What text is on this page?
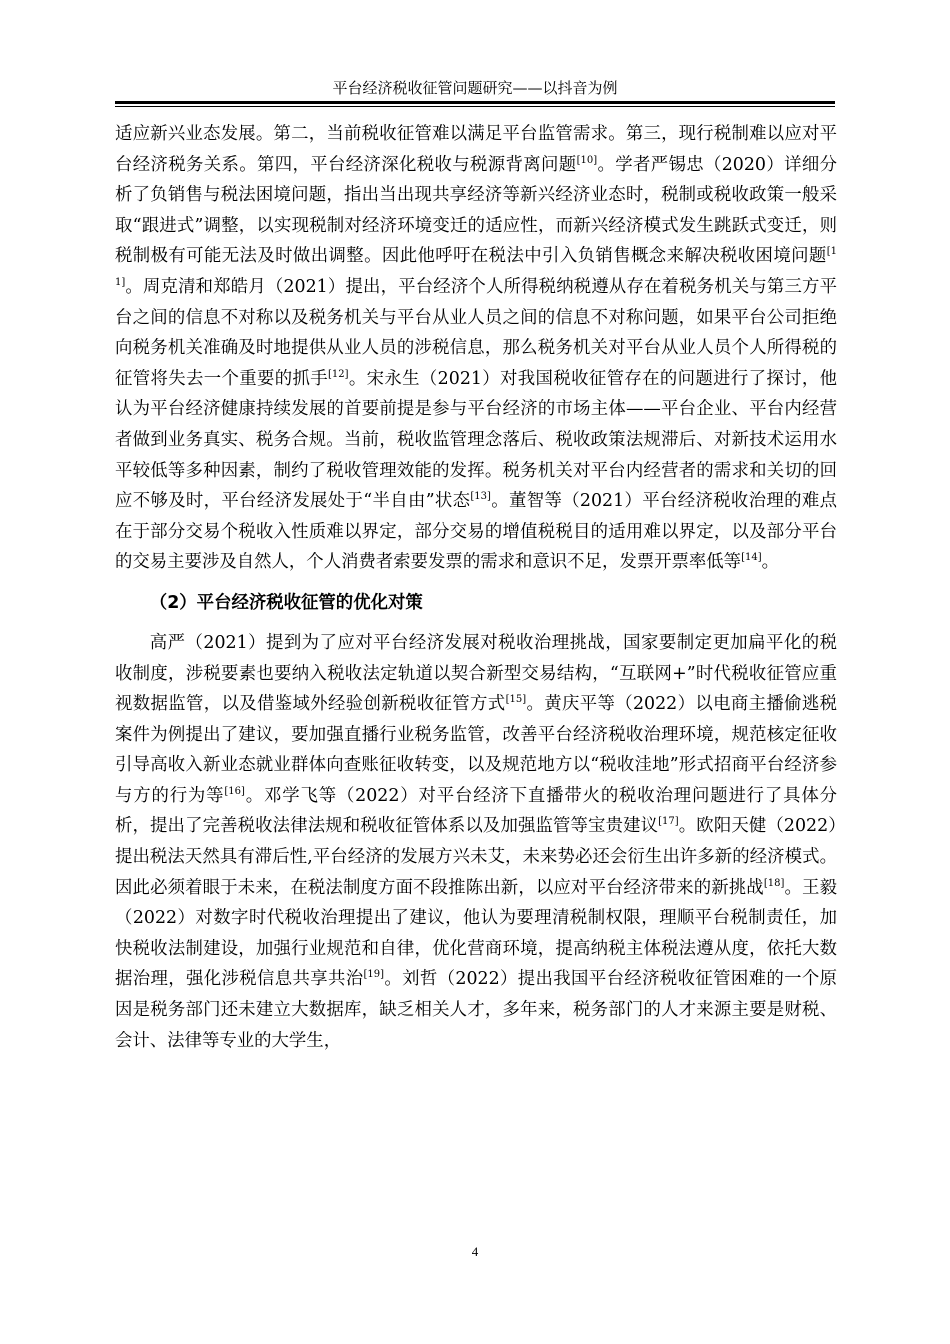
平台经济税收征管问题研究——以抖音为例

适应新兴业态发展。第二，当前税收征管难以满足平台监管需求。第三，现行税制难以应对平台经济税务关系。第四，平台经济深化税收与税源背离问题[10]。学者严锡忠（2020）详细分析了负销售与税法困境问题，指出当出现共享经济等新兴经济业态时，税制或税收政策一般采取“跟进式”调整，以实现税制对经济环境变迁的适应性，而新兴经济模式发生跳跃式变迁，则税制极有可能无法及时做出调整。因此他呼吁在税法中引入负销售概念来解决税收困境问题[11]。周克清和郑皓月（2021）提出，平台经济个人所得税纳税遵从存在着税务机关与第三方平台之间的信息不对称以及税务机关与平台从业人员之间的信息不对称问题，如果平台公司拒绝向税务机关准确及时地提供从业人员的涉税信息，那么税务机关对平台从业人员个人所得税的征管将失去一个重要的抓手[12]。宋永生（2021）对我国税收征管存在的问题进行了探讨，他认为平台经济健康持续发展的首要前提是参与平台经济的市场主体——平台企业、平台内经营者做到业务真实、税务合规。当前，税收监管理念落后、税收政策法规滞后、对新技术运用水平较低等多种因素，制约了税收管理效能的发挥。税务机关对平台内经营者的需求和关切的回应不够及时，平台经济发展处于“半自由”状态[13]。董智等（2021）平台经济税收治理的难点在于部分交易个税收入性质难以界定，部分交易的增值税税目的适用难以界定，以及部分平台的交易主要涉及自然人，个人消费者索要发票的需求和意识不足，发票开票率低等[14]。

（2）平台经济税收征管的优化对策

高严（2021）提到为了应对平台经济发展对税收治理挑战，国家要制定更加扁平化的税收制度，涉税要素也要纳入税收法定轨道以契合新型交易结构，“互联网+”时代税收征管应重视数据监管，以及借鉴域外经验创新税收征管方式[15]。黄庆平等（2022）以电商主播偷逃税案件为例提出了建议，要加强直播行业税务监管，改善平台经济税收治理环境，规范核定征收引导高收入新业态就业群体向查账征收转变，以及规范地方以“税收洼地”形式招商平台经济参与方的行为等[16]。邓学飞等（2022）对平台经济下直播带火的税收治理问题进行了具体分析，提出了完善税收法律法规和税收征管体系以及加强监管等宝贵建议[17]。欧阳天健（2022）提出税法天然具有滞后性,平台经济的发展方兴未艾，未来势必还会衍生出许多新的经济模式。因此必须着眼于未来，在税法制度方面不段推陈出新，以应对平台经济带来的新挑战[18]。王毅（2022）对数字时代税收治理提出了建议，他认为要理清税制权限，理顺平台税制责任，加快税收法制建设，加强行业规范和自律，优化营商环境，提高纳税主体税法遵从度，依托大数据治理，强化涉税信息共享共治[19]。刘哲（2022）提出我国平台经济税收征管困难的一个原因是税务部门还未建立大数据库，缺乏相关人才，多年来，税务部门的人才来源主要是财税、会计、法律等专业的大学生，

4
